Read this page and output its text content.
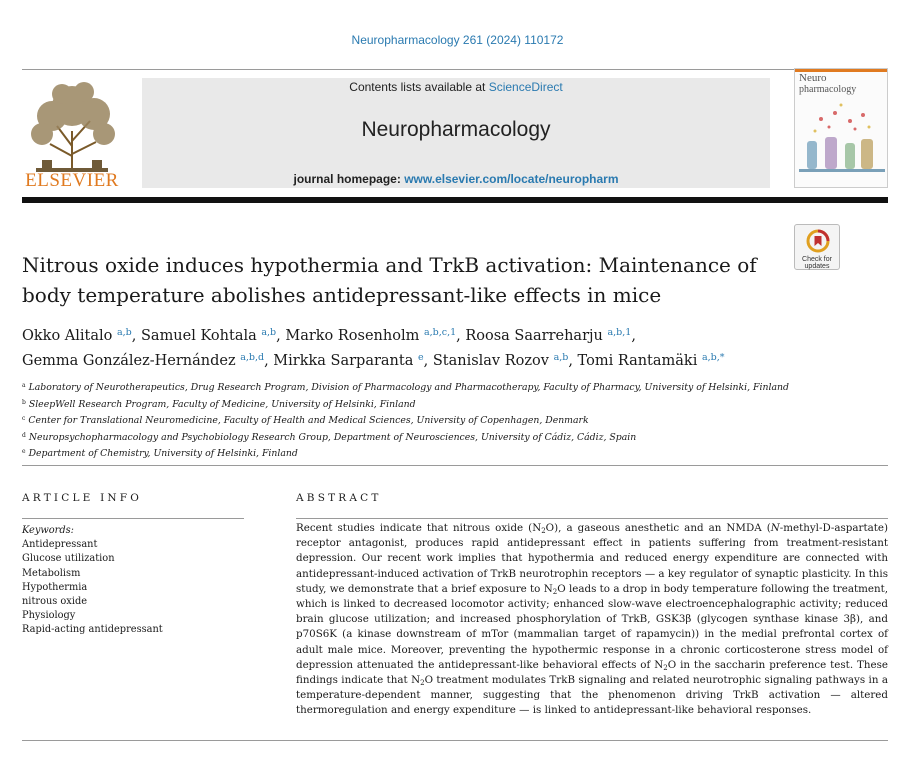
Neuropharmacology 261 (2024) 110172
ELSEVIER
Contents lists available at ScienceDirect
Neuropharmacology
journal homepage: www.elsevier.com/locate/neuropharm
Neuro
pharmacology
Check for
updates
Nitrous oxide induces hypothermia and TrkB activation: Maintenance of body temperature abolishes antidepressant-like effects in mice
Okko Alitalo $^{a,b}$, Samuel Kohtala $^{a,b}$, Marko Rosenholm $^{a,b,c,1}$, Roosa Saarreharju $^{a,b,1}$,
Gemma González-Hernández $^{a,b,d}$, Mirkka Sarparanta $^e$, Stanislav Rozov $^{a,b}$, Tomi Rantamäki $^{a,b,*}$
$^a$ Laboratory of Neurotherapeutics, Drug Research Program, Division of Pharmacology and Pharmacotherapy, Faculty of Pharmacy, University of Helsinki, Finland
$^b$ SleepWell Research Program, Faculty of Medicine, University of Helsinki, Finland
$^c$ Center for Translational Neuromedicine, Faculty of Health and Medical Sciences, University of Copenhagen, Denmark
$^d$ Neuropsychopharmacology and Psychobiology Research Group, Department of Neurosciences, University of Cádiz, Cádiz, Spain
$^e$ Department of Chemistry, University of Helsinki, Finland
ARTICLE INFO	ABSTRACT
Keywords:
Antidepressant
Glucose utilization
Metabolism
Hypothermia
nitrous oxide
Physiology
Rapid-acting antidepressant
Recent studies indicate that nitrous oxide $(N_2O)$, a gaseous anesthetic and an NMDA (N-methyl-D-aspartate) receptor antagonist, produces rapid antidepressant effect in patients suffering from treatment-resistant depression. Our recent work implies that hypothermia and reduced energy expenditure are connected with antidepressant-induced activation of TrkB neurotrophin receptors — a key regulator of synaptic plasticity. In this study, we demonstrate that a brief exposure to $N_2O$ leads to a drop in body temperature following the treatment, which is linked to decreased locomotor activity; enhanced slow-wave electroencephalographic activity; reduced brain glucose utilization; and increased phosphorylation of TrkB, GSK3β (glycogen synthase kinase 3β), and p70S6K (a kinase downstream of mTor (mammalian target of rapamycin)) in the medial prefrontal cortex of adult male mice. Moreover, preventing the hypothermic response in a chronic corticosterone stress model of depression attenuated the antidepressant-like behavioral effects of $N_2O$ in the saccharin preference test. These findings indicate that $N_2O$ treatment modulates TrkB signaling and related neurotrophic signaling pathways in a temperature-dependent manner, suggesting that the phenomenon driving TrkB activation — altered thermoregulation and energy expenditure — is linked to antidepressant-like behavioral responses.
